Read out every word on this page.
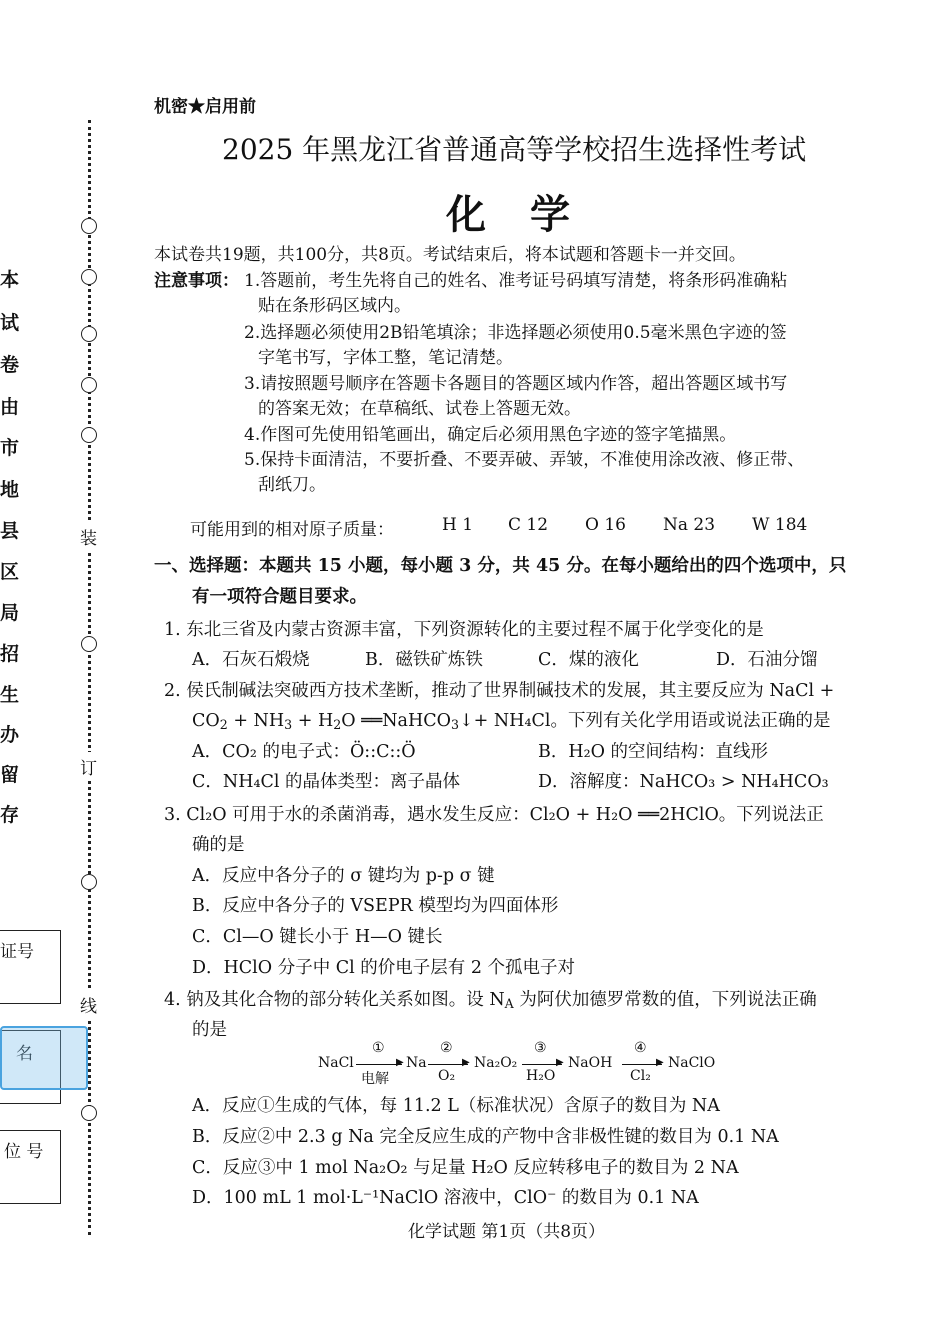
装
订
线
本
试
卷
由
市
地
县
区
局
招
生
办
留
存
证号
名
位 号
机密★启用前
2025 年黑龙江省普通高等学校招生选择性考试
化　学
本试卷共19题，共100分，共8页。考试结束后，将本试题和答题卡一并交回。
注意事项： 1.答题前，考生先将自己的姓名、准考证号码填写清楚，将条形码准确粘
贴在条形码区域内。
2.选择题必须使用2B铅笔填涂；非选择题必须使用0.5毫米黑色字迹的签
字笔书写，字体工整，笔记清楚。
3.请按照题号顺序在答题卡各题目的答题区域内作答，超出答题区域书写
的答案无效；在草稿纸、试卷上答题无效。
4.作图可先使用铅笔画出，确定后必须用黑色字迹的签字笔描黑。
5.保持卡面清洁，不要折叠、不要弄破、弄皱，不准使用涂改液、修正带、
刮纸刀。
可能用到的相对原子质量：	H 1 C 12 O 16 Na 23 W 184
一、选择题：本题共 15 小题，每小题 3 分，共 45 分。在每小题给出的四个选项中，只
有一项符合题目要求。
1. 东北三省及内蒙古资源丰富，下列资源转化的主要过程不属于化学变化的是
A．石灰石煅烧	B．磁铁矿炼铁	C．煤的液化	D．石油分馏
2. 侯氏制碱法突破西方技术垄断，推动了世界制碱技术的发展，其主要反应为 NaCl +
$CO_2 + NH_3 + H_2O$ ══NaHCO$_3$↓+ NH₄Cl。下列有关化学用语或说法正确的是
A．CO₂ 的电子式：Ö::C::Ö	B．H₂O 的空间结构：直线形
C．NH₄Cl 的晶体类型：离子晶体	D．溶解度：NaHCO₃ > NH₄HCO₃
3. Cl₂O 可用于水的杀菌消毒，遇水发生反应：Cl₂O + H₂O ══2HClO。下列说法正
确的是
A．反应中各分子的 σ 键均为 p-p σ 键
B．反应中各分子的 VSEPR 模型均为四面体形
C．Cl—O 键长小于 H—O 键长
D．HClO 分子中 Cl 的价电子层有 2 个孤电子对
4. 钠及其化合物的部分转化关系如图。设 $N_A$ 为阿伏加德罗常数的值，下列说法正确
的是
NaCl
①
▶
电解
Na
②
▶
O₂
Na₂O₂
③
▶
H₂O
NaOH
④
▶
Cl₂
NaClO
A．反应①生成的气体，每 11.2 L（标准状况）含原子的数目为 NA
B．反应②中 2.3 g Na 完全反应生成的产物中含非极性键的数目为 0.1 NA
C．反应③中 1 mol Na₂O₂ 与足量 H₂O 反应转移电子的数目为 2 NA
D．100 mL 1 mol·L⁻¹NaClO 溶液中，ClO⁻ 的数目为 0.1 NA
化学试题 第1页（共8页）
